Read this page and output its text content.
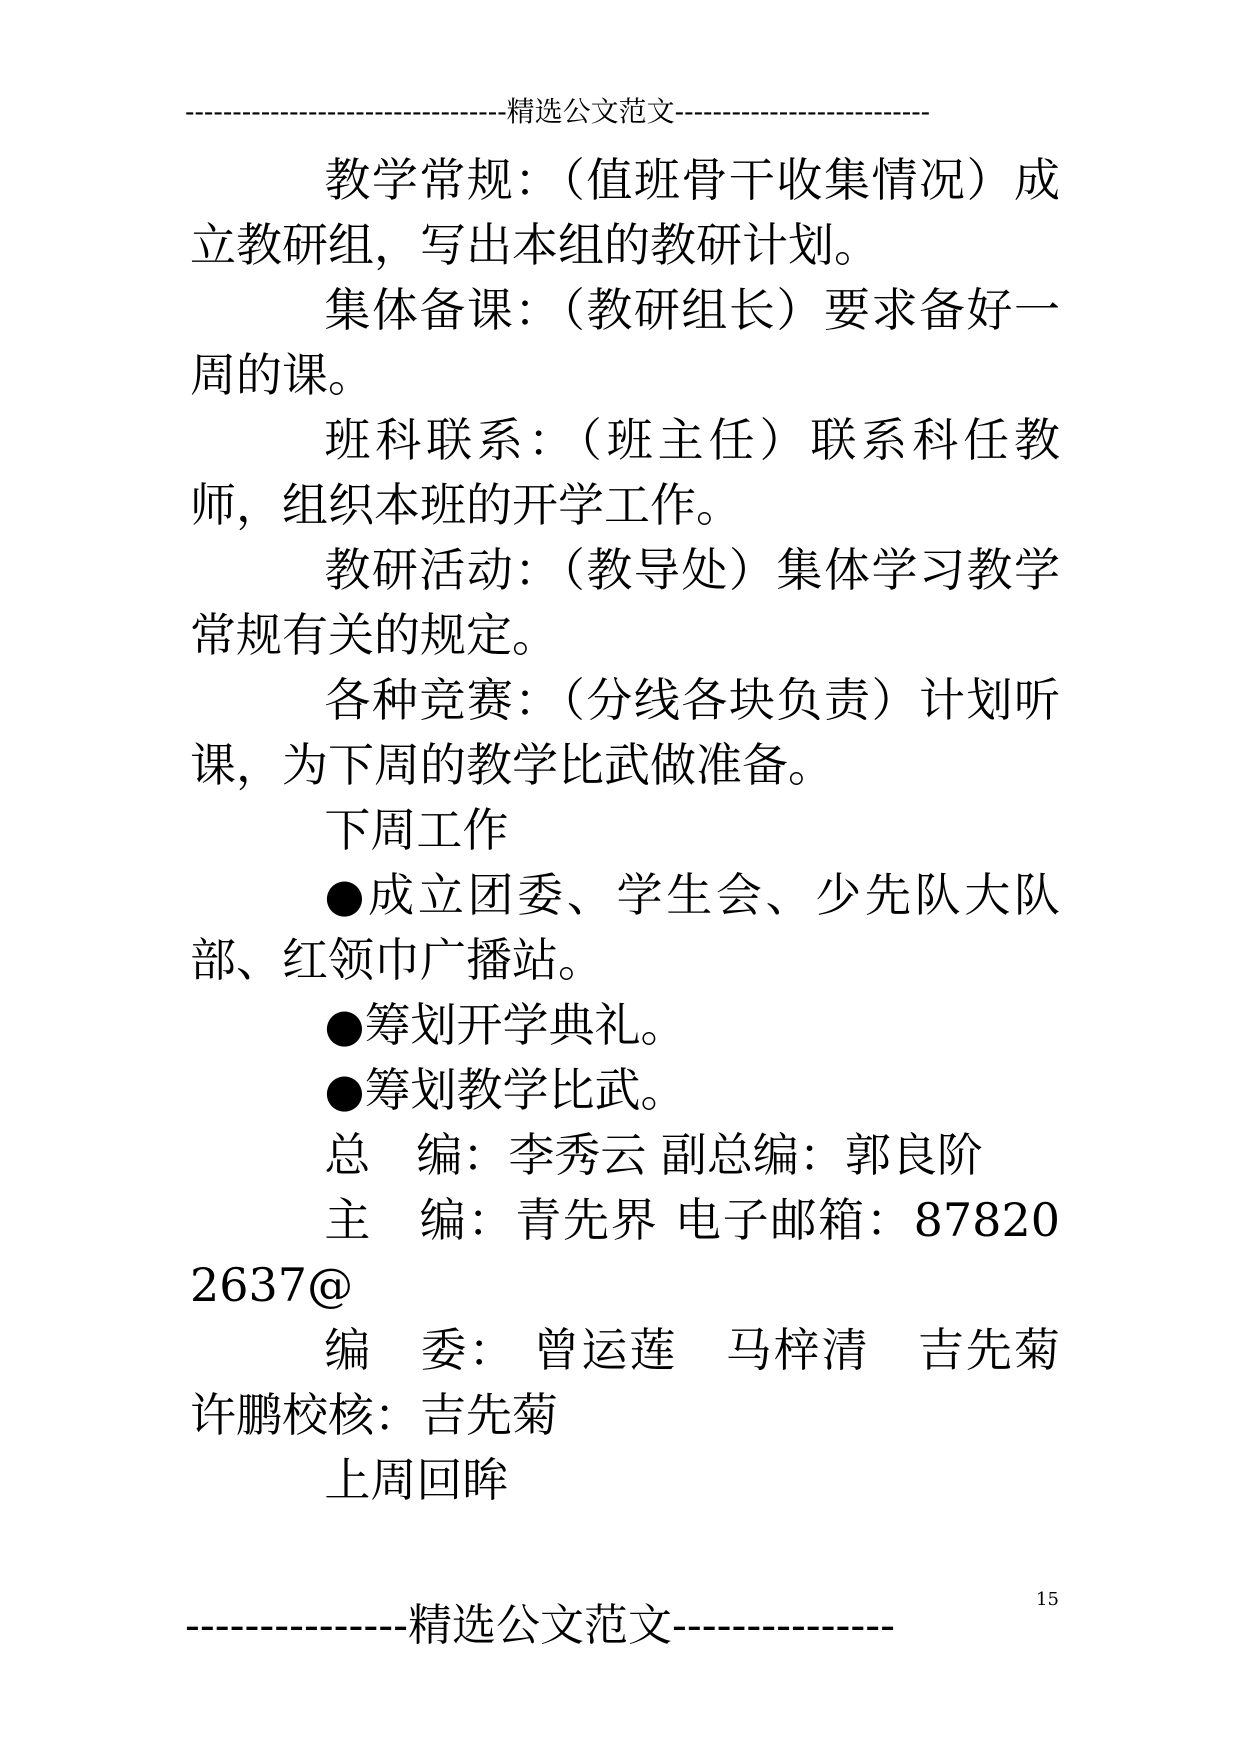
----------------------------------精选公文范文---------------------------

教学常规：（值班骨干收集情况）成立教研组，写出本组的教研计划。

集体备课：（教研组长）要求备好一周的课。

班科联系：（班主任）联系科任教师，组织本班的开学工作。

教研活动：（教导处）集体学习教学常规有关的规定。

各种竞赛：（分线各块负责）计划听课，为下周的教学比武做准备。

下周工作

●成立团委、学生会、少先队大队部、红领巾广播站。

●筹划开学典礼。

●筹划教学比武。

总　编：李秀云 副总编：郭良阶

主　编：青先界 电子邮箱：878202637@

编　委： 曾运莲　马梓清　吉先菊　许鹏校核：吉先菊

上周回眸

---------------精选公文范文---------------
15
